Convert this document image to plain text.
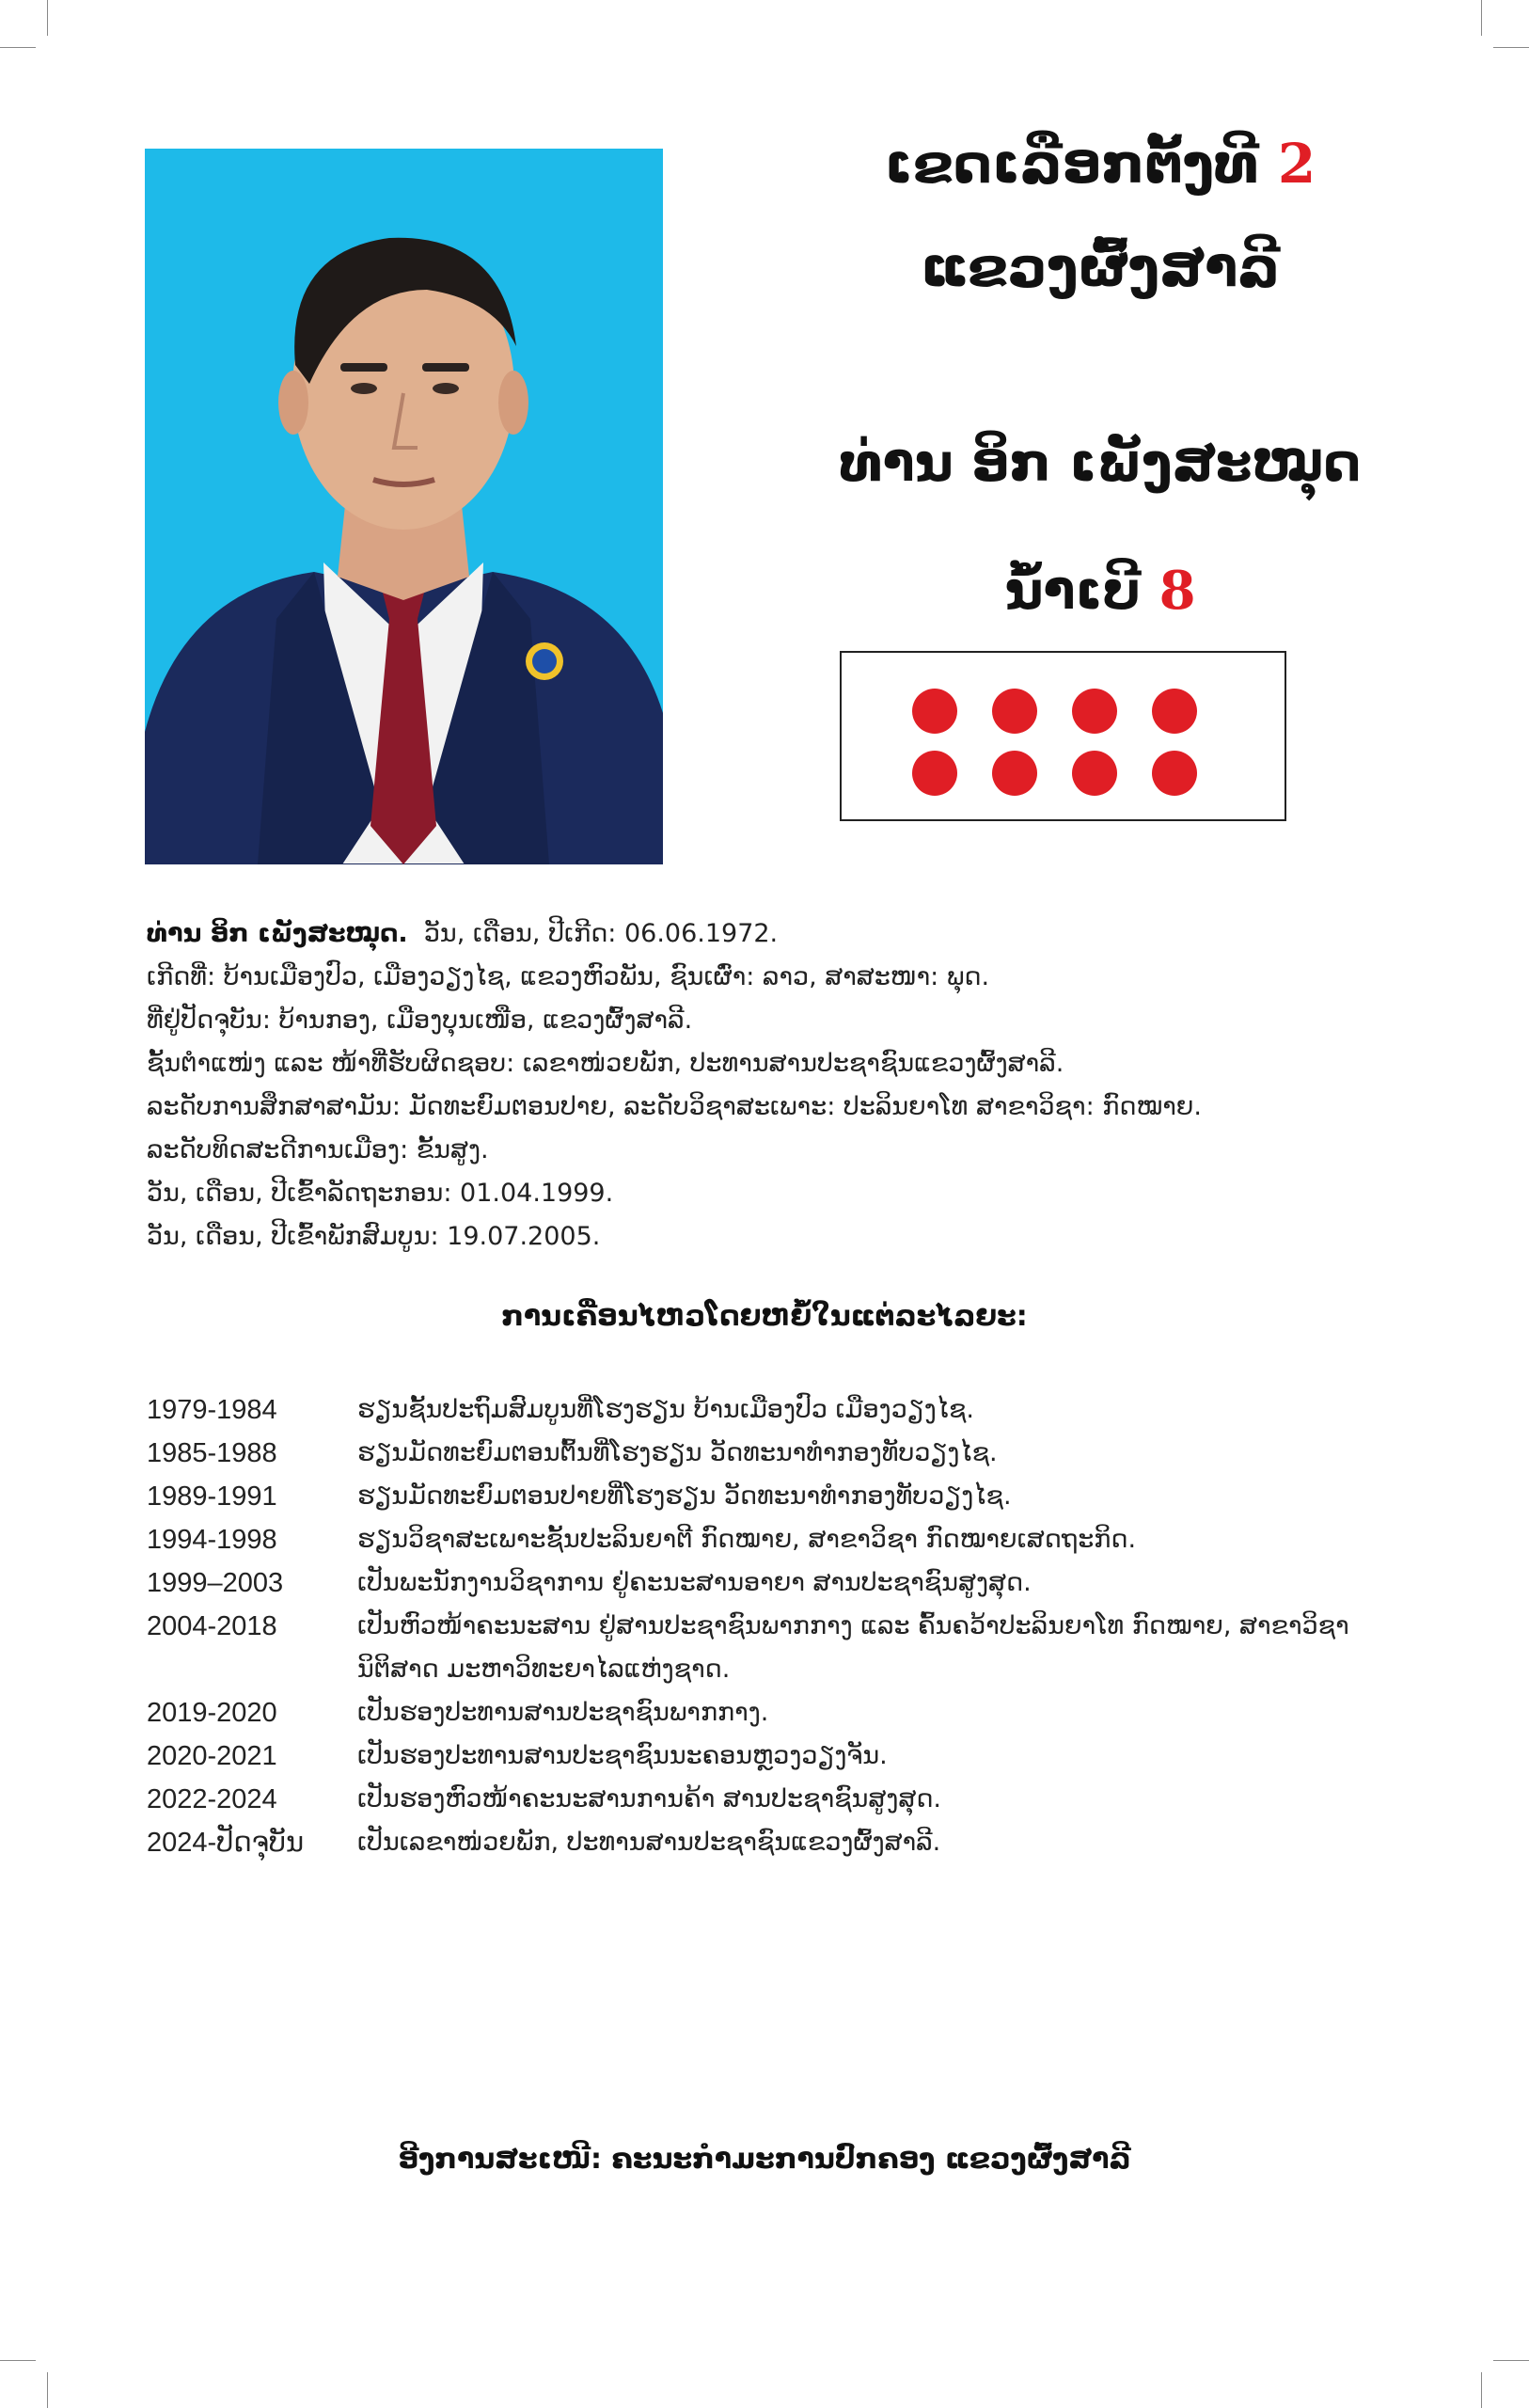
ເຂດເລືອກຕັ້ງທີ 2
ແຂວງຜົ້ງສາລີ
ທ່ານ ອິກ ເພັງສະໝຸດ
ນໍ້າເບີ 8
ທ່ານ ອິກ ເພັງສະໝຸດ. ວັນ, ເດືອນ, ປີເກີດ: 06.06.1972.
ເກີດທີ່: ບ້ານເມືອງປົວ, ເມືອງວຽງໄຊ, ແຂວງຫົວພັນ, ຊົນເຜົ່າ: ລາວ, ສາສະໜາ: ພຸດ.
ທີ່ຢູ່ປັດຈຸບັນ: ບ້ານກອງ, ເມືອງບຸນເໜືອ, ແຂວງຜົ້ງສາລີ.
ຊັ້ນຕຳແໜ່ງ ແລະ ໜ້າທີ່ຮັບຜິດຊອບ: ເລຂາໜ່ວຍພັກ, ປະທານສານປະຊາຊົນແຂວງຜົ້ງສາລີ.
ລະດັບການສຶກສາສາມັນ: ມັດທະຍົມຕອນປາຍ, ລະດັບວິຊາສະເພາະ: ປະລິນຍາໂທ ສາຂາວິຊາ: ກົດໝາຍ.
ລະດັບທິດສະດີການເມືອງ: ຂັ້ນສູງ.
ວັນ, ເດືອນ, ປີເຂົ້າລັດຖະກອນ: 01.04.1999.
ວັນ, ເດືອນ, ປີເຂົ້າພັກສົມບູນ: 19.07.2005.
ການເຄື່ອນໄຫວໂດຍຫຍໍ້ໃນແຕ່ລະໄລຍະ:
1979-1984	ຮຽນຊັ້ນປະຖົມສົມບູນທີ່ໂຮງຮຽນ ບ້ານເມືອງປົວ ເມືອງວຽງໄຊ.
1985-1988	ຮຽນມັດທະຍົມຕອນຕົ້ນທີ່ໂຮງຮຽນ ວັດທະນາທຳກອງທັບວຽງໄຊ.
1989-1991	ຮຽນມັດທະຍົມຕອນປາຍທີ່ໂຮງຮຽນ ວັດທະນາທຳກອງທັບວຽງໄຊ.
1994-1998	ຮຽນວິຊາສະເພາະຊັ້ນປະລິນຍາຕີ ກົດໝາຍ, ສາຂາວິຊາ ກົດໝາຍເສດຖະກິດ.
1999–2003	ເປັນພະນັກງານວິຊາການ ຢູ່ຄະນະສານອາຍາ ສານປະຊາຊົນສູງສຸດ.
2004-2018	ເປັນຫົວໜ້າຄະນະສານ ຢູ່ສານປະຊາຊົນພາກກາງ ແລະ ຄົ້ນຄວ້າປະລິນຍາໂທ ກົດໝາຍ, ສາຂາວິຊາ
ນິຕິສາດ ມະຫາວິທະຍາໄລແຫ່ງຊາດ.
2019-2020	ເປັນຮອງປະທານສານປະຊາຊົນພາກກາງ.
2020-2021	ເປັນຮອງປະທານສານປະຊາຊົນນະຄອນຫຼວງວຽງຈັນ.
2022-2024	ເປັນຮອງຫົວໜ້າຄະນະສານການຄ້າ ສານປະຊາຊົນສູງສຸດ.
2024-ປັດຈຸບັນ	ເປັນເລຂາໜ່ວຍພັກ, ປະທານສານປະຊາຊົນແຂວງຜົ້ງສາລີ.
ອີງການສະເໜີ: ຄະນະກຳມະການປົກຄອງ ແຂວງຜົ້ງສາລີ
